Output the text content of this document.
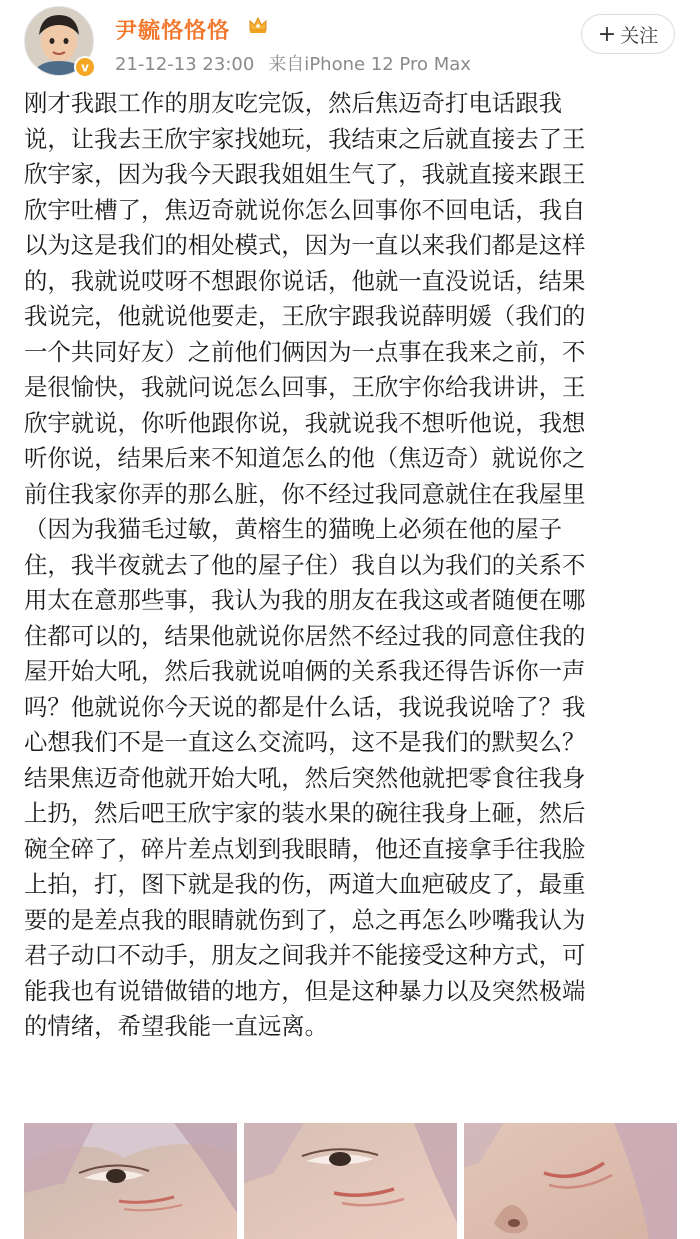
v
尹毓恪恪恪
21-12-13 23:00 来自iPhone 12 Pro Max
+ 关注
刚才我跟工作的朋友吃完饭，然后焦迈奇打电话跟我
说，让我去王欣宇家找她玩，我结束之后就直接去了王
欣宇家，因为我今天跟我姐姐生气了，我就直接来跟王
欣宇吐槽了，焦迈奇就说你怎么回事你不回电话，我自
以为这是我们的相处模式，因为一直以来我们都是这样
的，我就说哎呀不想跟你说话，他就一直没说话，结果
我说完，他就说他要走，王欣宇跟我说薛明媛（我们的
一个共同好友）之前他们俩因为一点事在我来之前，不
是很愉快，我就问说怎么回事，王欣宇你给我讲讲，王
欣宇就说，你听他跟你说，我就说我不想听他说，我想
听你说，结果后来不知道怎么的他（焦迈奇）就说你之
前住我家你弄的那么脏，你不经过我同意就住在我屋里
（因为我猫毛过敏，黄榕生的猫晚上必须在他的屋子
住，我半夜就去了他的屋子住）我自以为我们的关系不
用太在意那些事，我认为我的朋友在我这或者随便在哪
住都可以的，结果他就说你居然不经过我的同意住我的
屋开始大吼，然后我就说咱俩的关系我还得告诉你一声
吗？他就说你今天说的都是什么话，我说我说啥了？我
心想我们不是一直这么交流吗，这不是我们的默契么？
结果焦迈奇他就开始大吼，然后突然他就把零食往我身
上扔，然后吧王欣宇家的装水果的碗往我身上砸，然后
碗全碎了，碎片差点划到我眼睛，他还直接拿手往我脸
上拍，打，图下就是我的伤，两道大血疤破皮了，最重
要的是差点我的眼睛就伤到了，总之再怎么吵嘴我认为
君子动口不动手，朋友之间我并不能接受这种方式，可
能我也有说错做错的地方，但是这种暴力以及突然极端
的情绪，希望我能一直远离。
